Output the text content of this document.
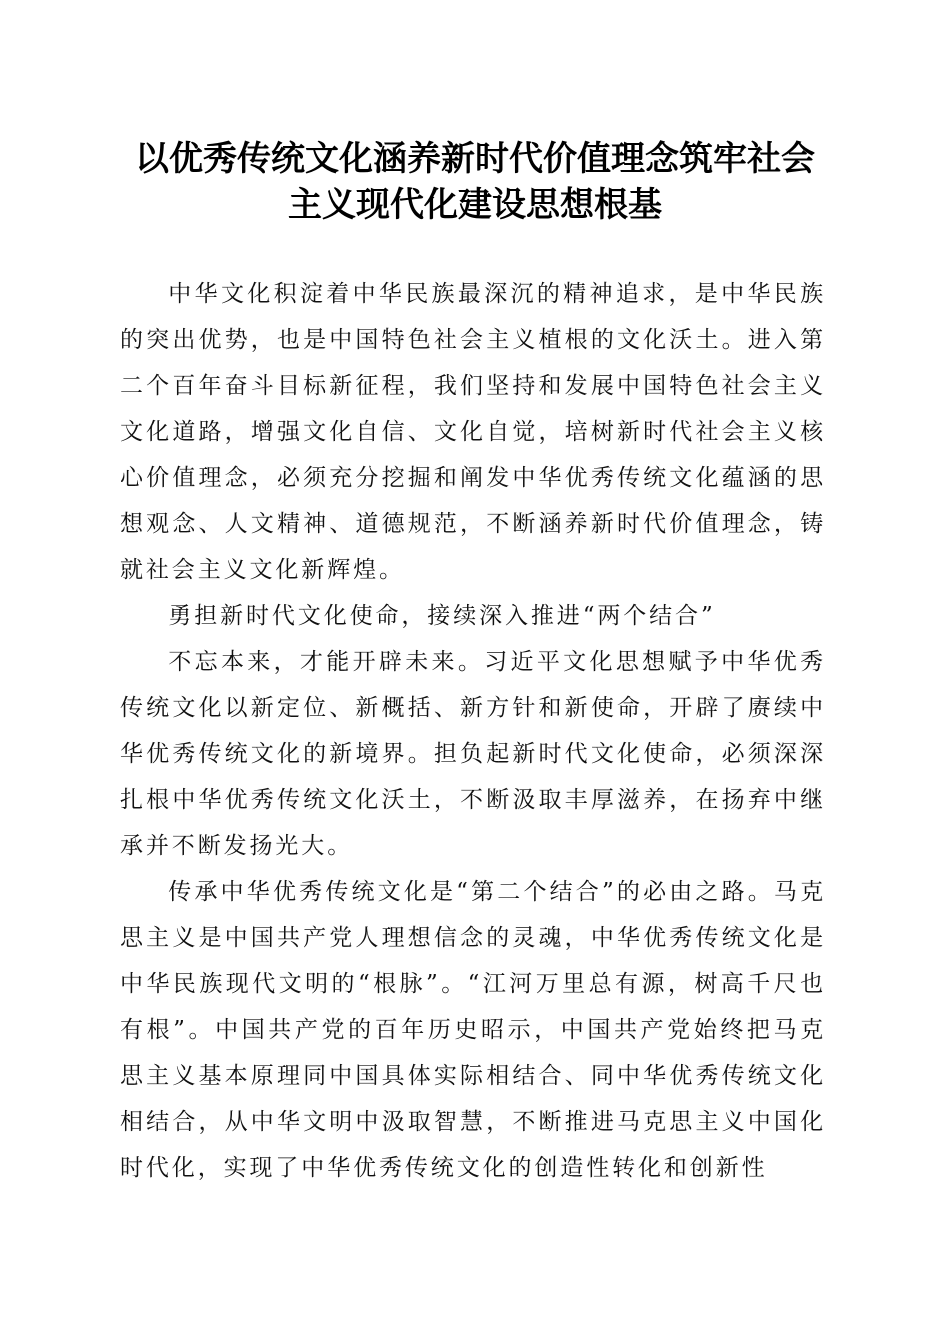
以优秀传统文化涵养新时代价值理念筑牢社会
主义现代化建设思想根基

中华文化积淀着中华民族最深沉的精神追求，是中华民族的突出优势，也是中国特色社会主义植根的文化沃土。进入第二个百年奋斗目标新征程，我们坚持和发展中国特色社会主义文化道路，增强文化自信、文化自觉，培树新时代社会主义核心价值理念，必须充分挖掘和阐发中华优秀传统文化蕴涵的思想观念、人文精神、道德规范，不断涵养新时代价值理念，铸就社会主义文化新辉煌。

勇担新时代文化使命，接续深入推进“两个结合”

不忘本来，才能开辟未来。习近平文化思想赋予中华优秀传统文化以新定位、新概括、新方针和新使命，开辟了赓续中华优秀传统文化的新境界。担负起新时代文化使命，必须深深扎根中华优秀传统文化沃土，不断汲取丰厚滋养，在扬弃中继承并不断发扬光大。

传承中华优秀传统文化是“第二个结合”的必由之路。马克思主义是中国共产党人理想信念的灵魂，中华优秀传统文化是中华民族现代文明的“根脉”。“江河万里总有源，树高千尺也有根”。中国共产党的百年历史昭示，中国共产党始终把马克思主义基本原理同中国具体实际相结合、同中华优秀传统文化相结合，从中华文明中汲取智慧，不断推进马克思主义中国化时代化，实现了中华优秀传统文化的创造性转化和创新性
